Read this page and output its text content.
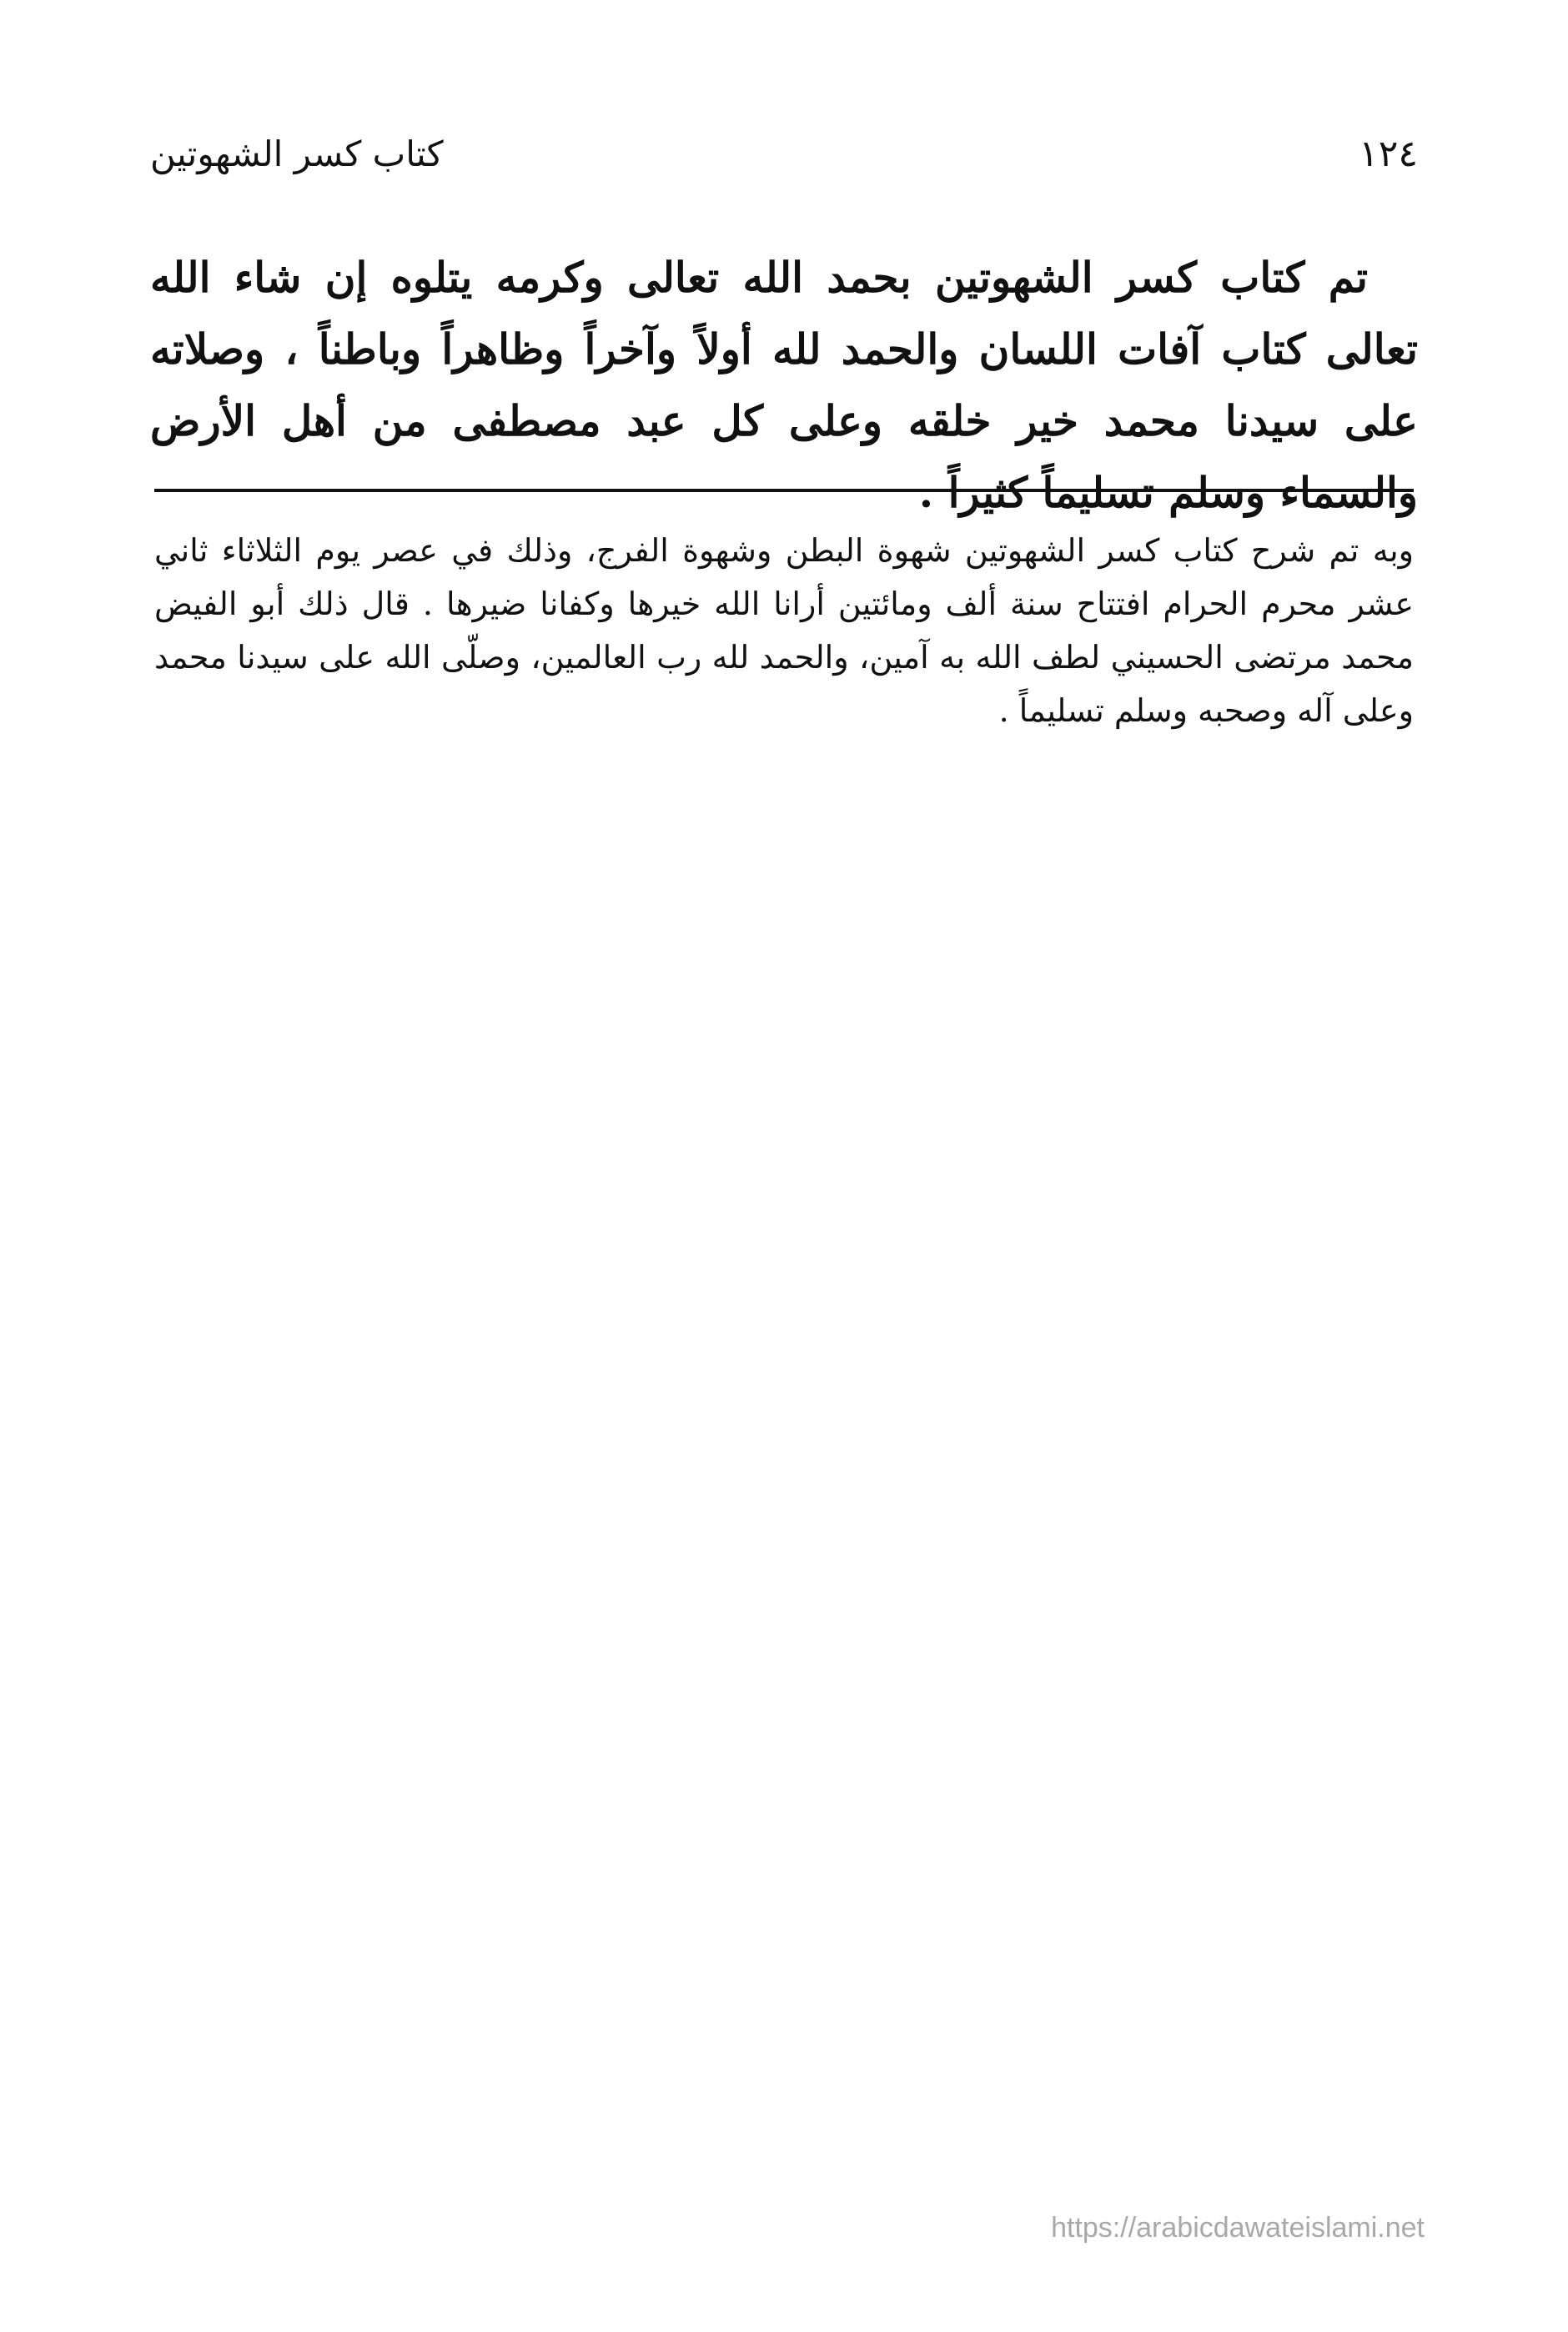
١٢٤
كتاب كسر الشهوتين

تم كتاب كسر الشهوتين بحمد الله تعالى وكرمه يتلوه إن شاء الله تعالى كتاب آفات اللسان والحمد لله أولاً وآخراً وظاهراً وباطناً ، وصلاته على سيدنا محمد خير خلقه وعلى كل عبد مصطفى من أهل الأرض والسماء وسلم تسليماً كثيراً .

وبه تم شرح كتاب كسر الشهوتين شهوة البطن وشهوة الفرج، وذلك في عصر يوم الثلاثاء ثاني عشر محرم الحرام افتتاح سنة ألف ومائتين أرانا الله خيرها وكفانا ضيرها . قال ذلك أبو الفيض محمد مرتضى الحسيني لطف الله به آمين، والحمد لله رب العالمين، وصلّى الله على سيدنا محمد وعلى آله وصحبه وسلم تسليماً .

https://arabicdawateislami.net
